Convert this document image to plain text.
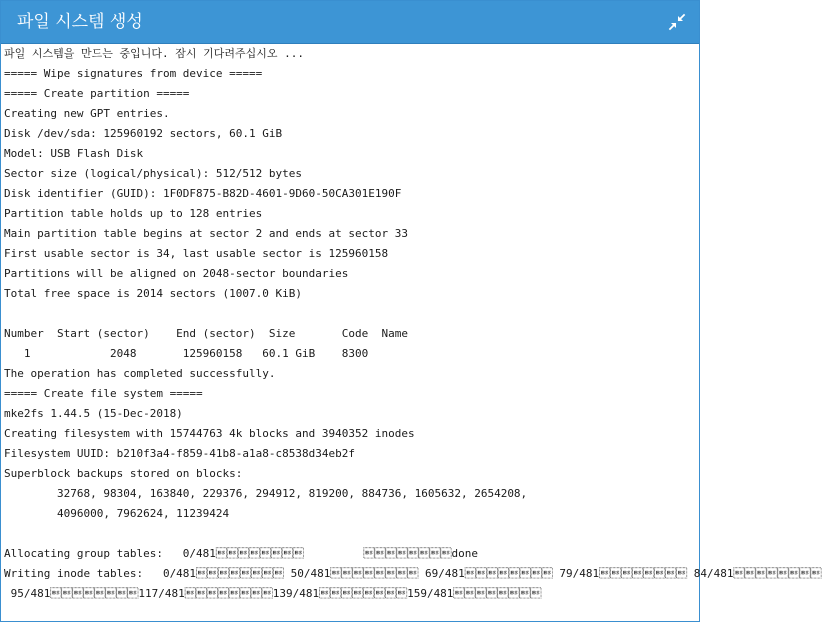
파일 시스템 생성
파일 시스템을 만드는 중입니다. 잠시 기다려주십시오 ...
===== Wipe signatures from device =====
===== Create partition =====
Creating new GPT entries.
Disk /dev/sda: 125960192 sectors, 60.1 GiB
Model: USB Flash Disk
Sector size (logical/physical): 512/512 bytes
Disk identifier (GUID): 1F0DF875-B82D-4601-9D60-50CA301E190F
Partition table holds up to 128 entries
Main partition table begins at sector 2 and ends at sector 33
First usable sector is 34, last usable sector is 125960158
Partitions will be aligned on 2048-sector boundaries
Total free space is 2014 sectors (1007.0 KiB)
Number  Start (sector)    End (sector)  Size       Code  Name
1            2048       125960158   60.1 GiB    8300
The operation has completed successfully.
===== Create file system =====
mke2fs 1.44.5 (15-Dec-2018)
Creating filesystem with 15744763 4k blocks and 3940352 inodes
Filesystem UUID: b210f3a4-f859-41b8-a1a8-c8538d34eb2f
Superblock backups stored on blocks:
32768, 98304, 163840, 229376, 294912, 819200, 884736, 1605632, 2654208,
4096000, 7962624, 11239424
Allocating group tables:   0/481         done
Writing inode tables:   0/481 50/481 69/481 79/481 84/481
95/481117/481139/481159/481
